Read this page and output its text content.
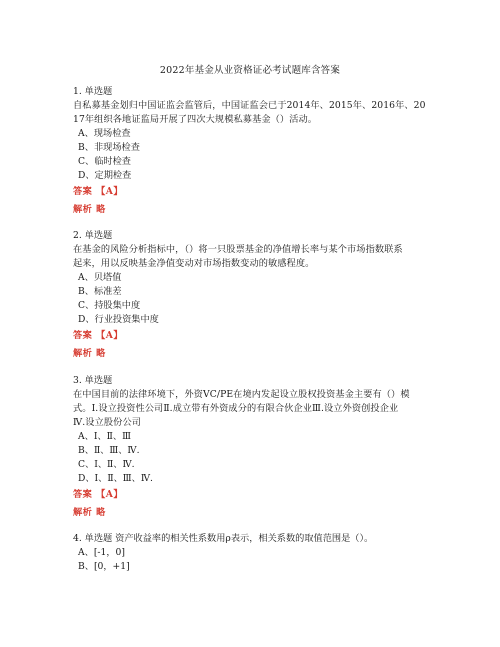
2022年基金从业资格证必考试题库含答案

1. 单选题

自私募基金划归中国证监会监管后，中国证监会已于2014年、2015年、2016年、20

17年组织各地证监局开展了四次大规模私募基金（）活动。

A、现场检查

B、非现场检查

C、临时检查

D、定期检查

答案 【A】

解析 略

2. 单选题

在基金的风险分析指标中，（）将一只股票基金的净值增长率与某个市场指数联系

起来，用以反映基金净值变动对市场指数变动的敏感程度。

A、贝塔值

B、标准差

C、持股集中度

D、行业投资集中度

答案 【A】

解析 略

3. 单选题

在中国目前的法律环境下，外资VC/PE在境内发起设立股权投资基金主要有（）模

式。Ⅰ.设立投资性公司Ⅱ.成立带有外资成分的有限合伙企业Ⅲ.设立外资创投企业

Ⅳ.设立股份公司

A、Ⅰ、Ⅱ、Ⅲ

B、Ⅱ、Ⅲ、Ⅳ.

C、Ⅰ、Ⅱ、Ⅳ.

D、Ⅰ、Ⅱ、Ⅲ、Ⅳ.

答案 【A】

解析 略

4. 单选题 资产收益率的相关性系数用ρ表示，相关系数的取值范围是（）。

A、[-1，0]

B、[0，+1]
